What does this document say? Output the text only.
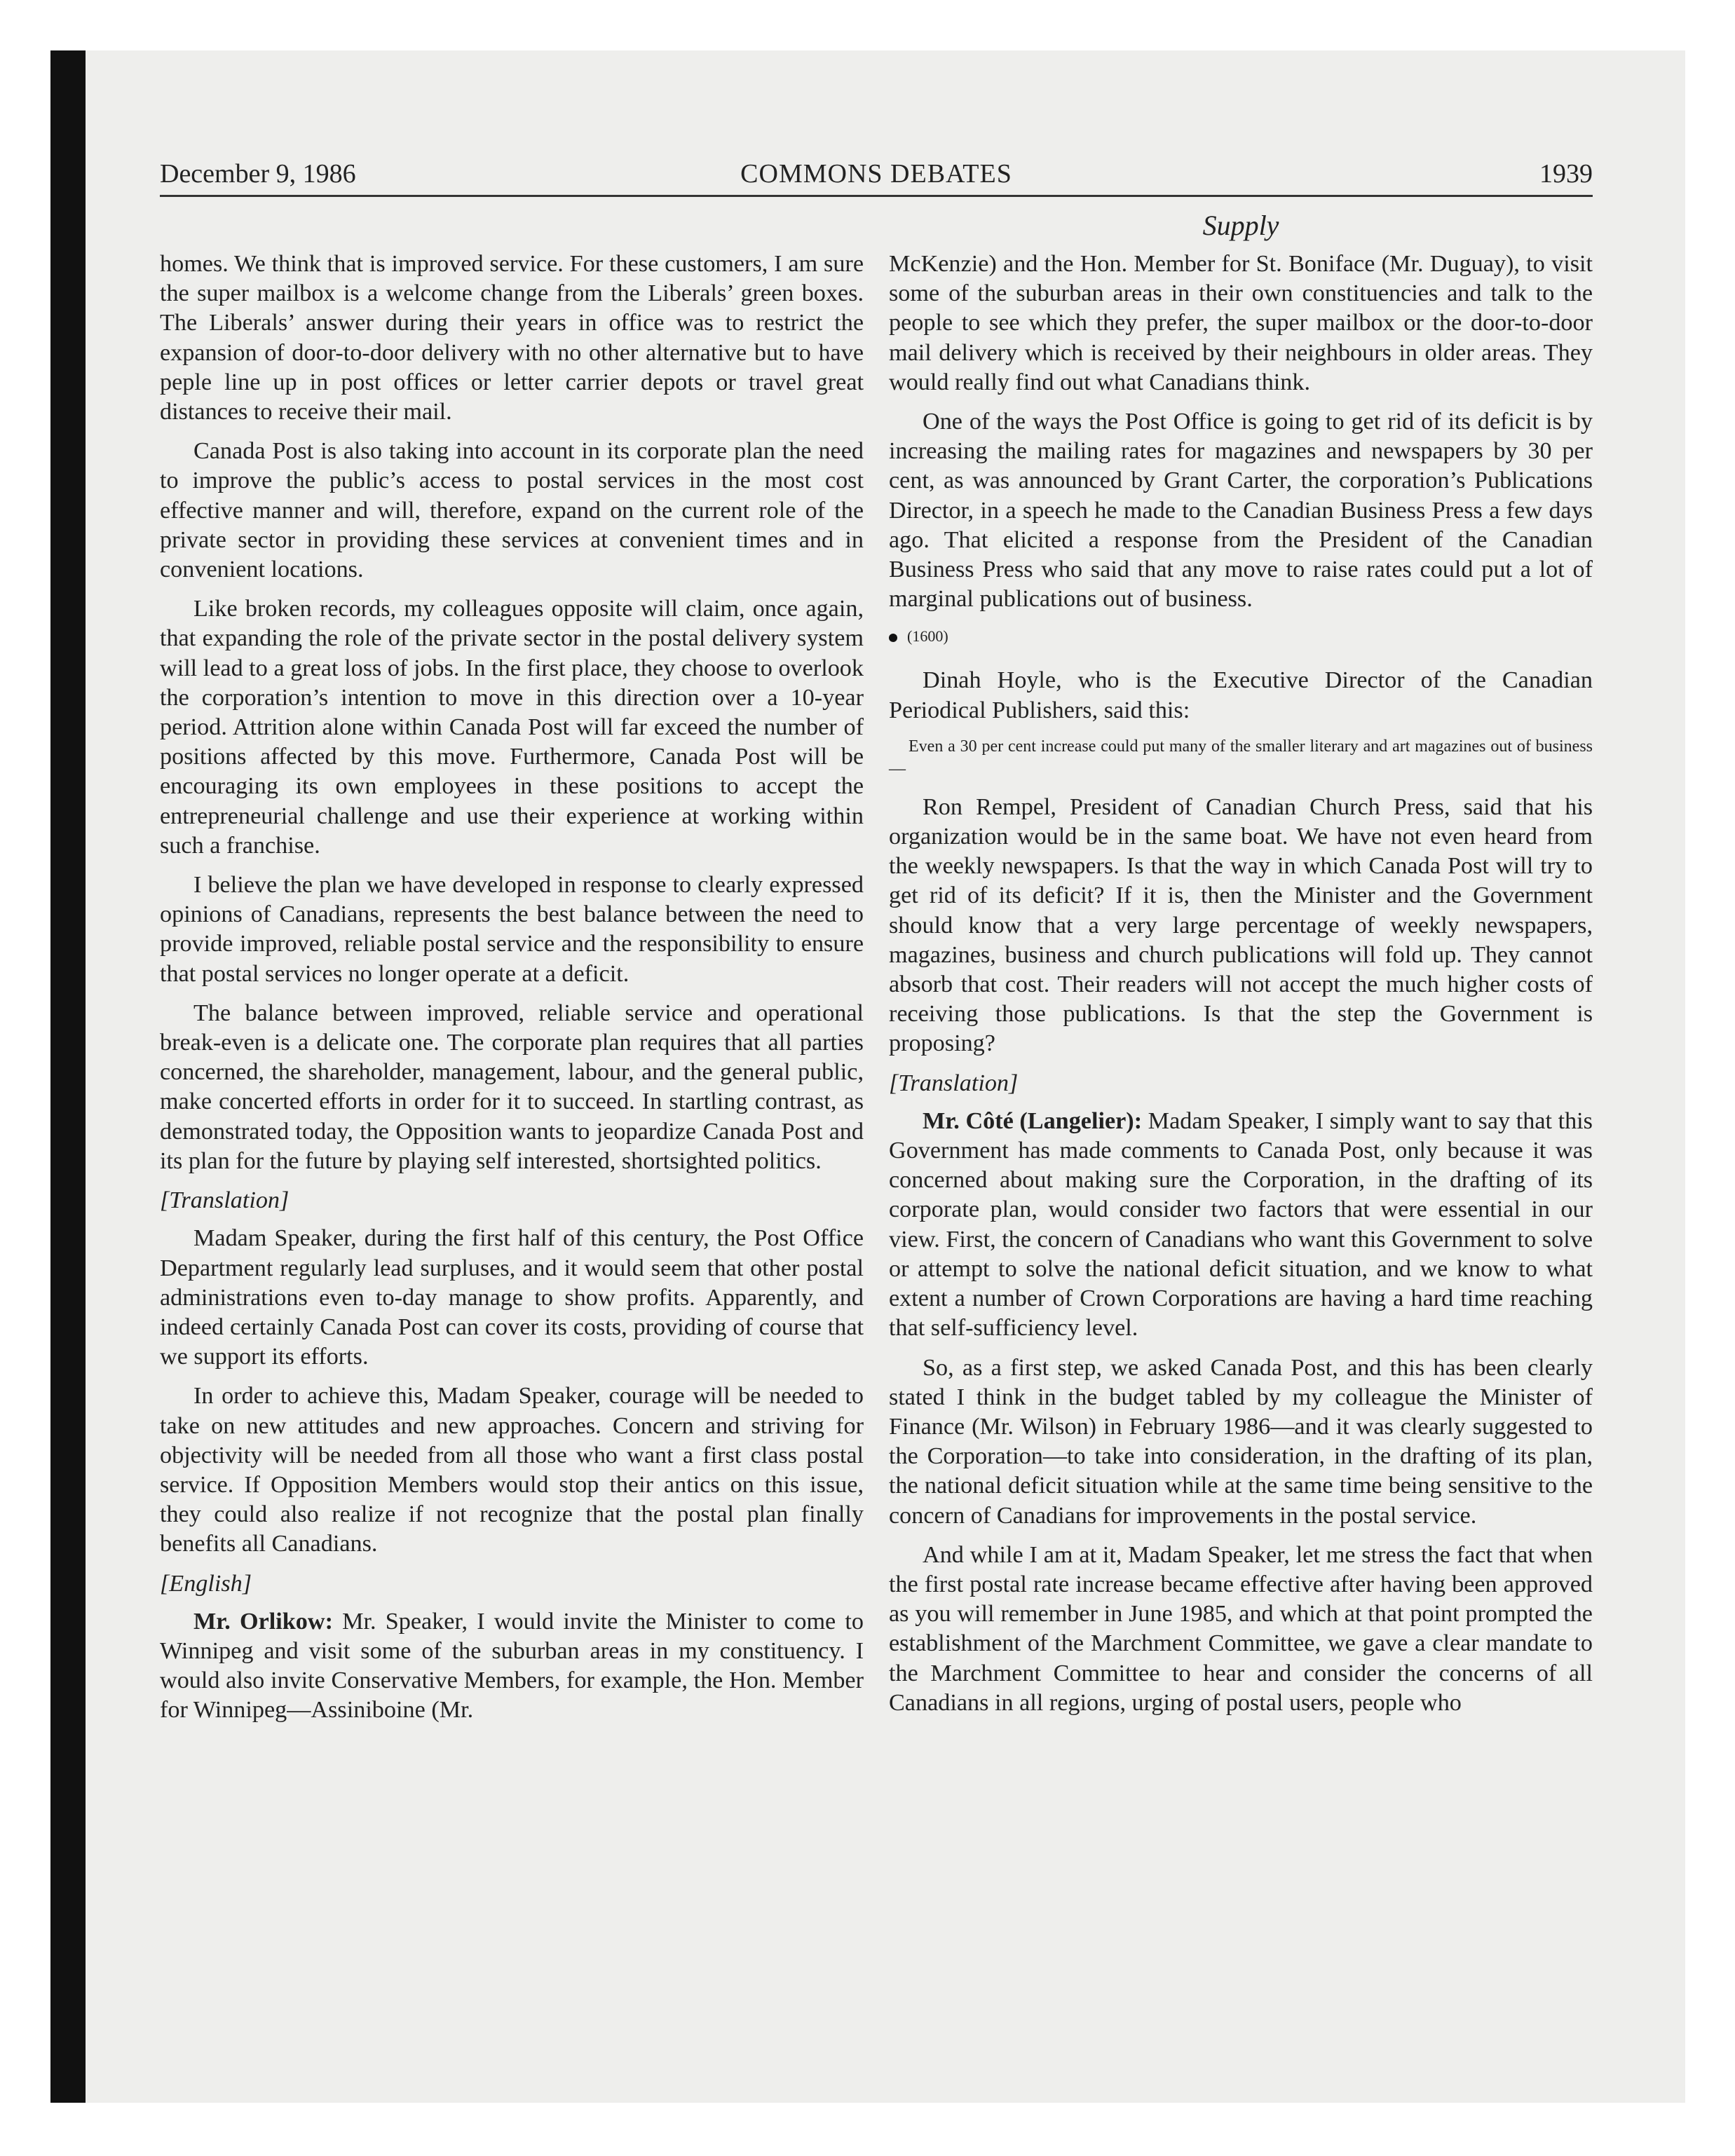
December 9, 1986	COMMONS DEBATES	1939
Supply

homes. We think that is improved service. For these customers, I am sure the super mailbox is a welcome change from the Liberals’ green boxes. The Liberals’ answer during their years in office was to restrict the expansion of door-to-door delivery with no other alternative but to have peple line up in post offices or letter carrier depots or travel great distances to receive their mail.

Canada Post is also taking into account in its corporate plan the need to improve the public’s access to postal services in the most cost effective manner and will, therefore, expand on the current role of the private sector in providing these services at convenient times and in convenient locations.

Like broken records, my colleagues opposite will claim, once again, that expanding the role of the private sector in the postal delivery system will lead to a great loss of jobs. In the first place, they choose to overlook the corporation’s intention to move in this direction over a 10-year period. Attrition alone within Canada Post will far exceed the number of positions affected by this move. Furthermore, Canada Post will be encouraging its own employees in these positions to accept the entrepreneurial challenge and use their experience at working within such a franchise.

I believe the plan we have developed in response to clearly expressed opinions of Canadians, represents the best balance between the need to provide improved, reliable postal service and the responsibility to ensure that postal services no longer operate at a deficit.

The balance between improved, reliable service and operational break-even is a delicate one. The corporate plan requires that all parties concerned, the shareholder, management, labour, and the general public, make concerted efforts in order for it to succeed. In startling contrast, as demonstrated today, the Opposition wants to jeopardize Canada Post and its plan for the future by playing self interested, shortsighted politics.

[Translation]

Madam Speaker, during the first half of this century, the Post Office Department regularly lead surpluses, and it would seem that other postal administrations even to-day manage to show profits. Apparently, and indeed certainly Canada Post can cover its costs, providing of course that we support its efforts.

In order to achieve this, Madam Speaker, courage will be needed to take on new attitudes and new approaches. Concern and striving for objectivity will be needed from all those who want a first class postal service. If Opposition Members would stop their antics on this issue, they could also realize if not recognize that the postal plan finally benefits all Canadians.

[English]

Mr. Orlikow: Mr. Speaker, I would invite the Minister to come to Winnipeg and visit some of the suburban areas in my constituency. I would also invite Conservative Members, for example, the Hon. Member for Winnipeg—Assiniboine (Mr.

McKenzie) and the Hon. Member for St. Boniface (Mr. Duguay), to visit some of the suburban areas in their own constituencies and talk to the people to see which they prefer, the super mailbox or the door-to-door mail delivery which is received by their neighbours in older areas. They would really find out what Canadians think.

One of the ways the Post Office is going to get rid of its deficit is by increasing the mailing rates for magazines and newspapers by 30 per cent, as was announced by Grant Carter, the corporation’s Publications Director, in a speech he made to the Canadian Business Press a few days ago. That elicited a response from the President of the Canadian Business Press who said that any move to raise rates could put a lot of marginal publications out of business.

(1600)

Dinah Hoyle, who is the Executive Director of the Canadian Periodical Publishers, said this:

Even a 30 per cent increase could put many of the smaller literary and art magazines out of business—

Ron Rempel, President of Canadian Church Press, said that his organization would be in the same boat. We have not even heard from the weekly newspapers. Is that the way in which Canada Post will try to get rid of its deficit? If it is, then the Minister and the Government should know that a very large percentage of weekly newspapers, magazines, business and church publications will fold up. They cannot absorb that cost. Their readers will not accept the much higher costs of receiving those publications. Is that the step the Government is proposing?

[Translation]

Mr. Côté (Langelier): Madam Speaker, I simply want to say that this Government has made comments to Canada Post, only because it was concerned about making sure the Corporation, in the drafting of its corporate plan, would consider two factors that were essential in our view. First, the concern of Canadians who want this Government to solve or attempt to solve the national deficit situation, and we know to what extent a number of Crown Corporations are having a hard time reaching that self-sufficiency level.

So, as a first step, we asked Canada Post, and this has been clearly stated I think in the budget tabled by my colleague the Minister of Finance (Mr. Wilson) in February 1986—and it was clearly suggested to the Corporation—to take into consideration, in the drafting of its plan, the national deficit situation while at the same time being sensitive to the concern of Canadians for improvements in the postal service.

And while I am at it, Madam Speaker, let me stress the fact that when the first postal rate increase became effective after having been approved as you will remember in June 1985, and which at that point prompted the establishment of the Marchment Committee, we gave a clear mandate to the Marchment Committee to hear and consider the concerns of all Canadians in all regions, urging of postal users, people who
